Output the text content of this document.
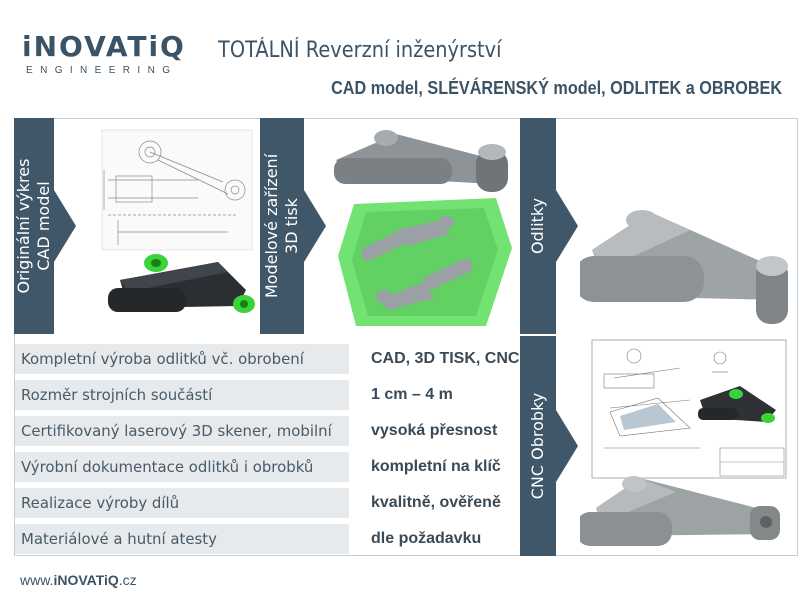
iNOVATiQ
ENGINEERING
TOTÁLNÍ Reverzní inženýrství
CAD model, SLÉVÁRENSKÝ model, ODLITEK a OBROBEK
Originální výkres CAD model	Modelové zařízení 3D tisk	Odlitky
CNC Obrobky
Kompletní výroba odlitků vč. obrobení	CAD, 3D TISK, CNC
Rozměr strojních součástí	1 cm – 4 m
Certifikovaný laserový 3D skener, mobilní	vysoká přesnost
Výrobní dokumentace odlitků i obrobků	kompletní na klíč
Realizace výroby dílů	kvalitně, ověřeně
Materiálové a hutní atesty	dle požadavku
www.iNOVATiQ.cz
